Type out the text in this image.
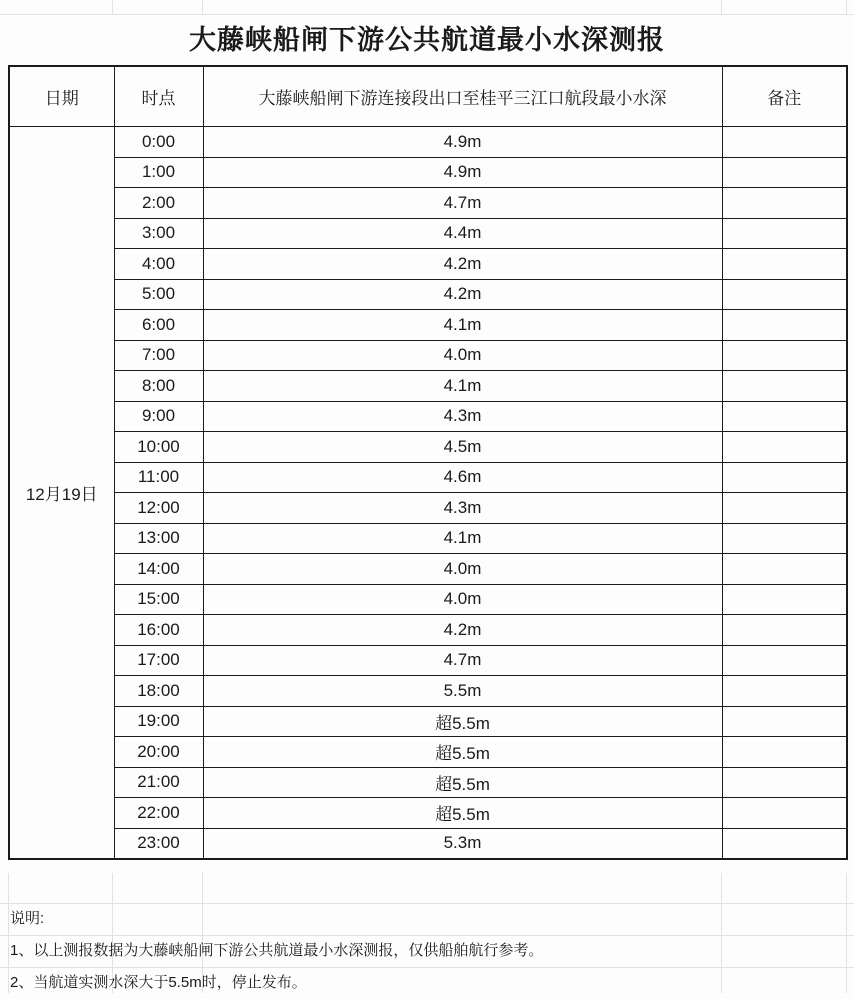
大藤峡船闸下游公共航道最小水深测报
日期	时点	大藤峡船闸下游连接段出口至桂平三江口航段最小水深	备注
12月19日	0:00	4.9m	
	1:00	4.9m	
	2:00	4.7m	
	3:00	4.4m	
	4:00	4.2m	
	5:00	4.2m	
	6:00	4.1m	
	7:00	4.0m	
	8:00	4.1m	
	9:00	4.3m	
	10:00	4.5m	
	11:00	4.6m	
	12:00	4.3m	
	13:00	4.1m	
	14:00	4.0m	
	15:00	4.0m	
	16:00	4.2m	
	17:00	4.7m	
	18:00	5.5m	
	19:00	超5.5m	
	20:00	超5.5m	
	21:00	超5.5m	
	22:00	超5.5m	
	23:00	5.3m	
说明:
1、以上测报数据为大藤峡船闸下游公共航道最小水深测报，仅供船舶航行参考。
2、当航道实测水深大于5.5m时，停止发布。
